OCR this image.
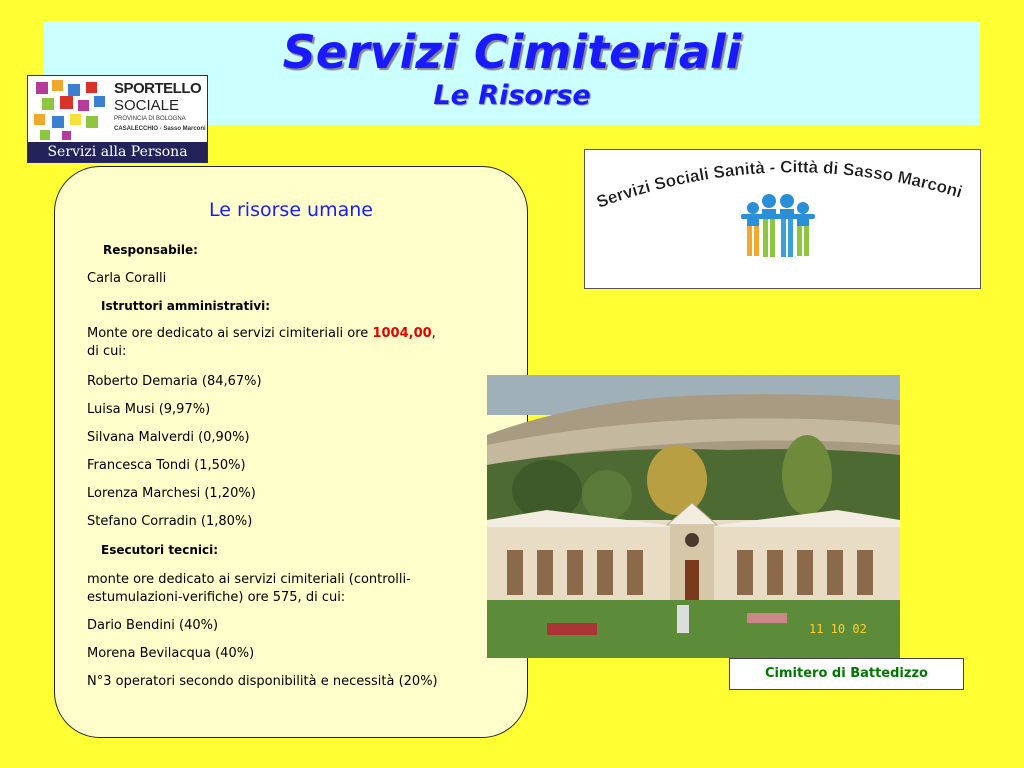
Servizi Cimiteriali
Le Risorse
SPORTELLO
SOCIALE
PROVINCIA DI BOLOGNA
CASALECCHIO - Sasso Marconi
Servizi alla Persona
Le risorse umane
Responsabile:
Carla Coralli
Istruttori amministrativi:
Monte ore dedicato ai servizi cimiteriali ore 1004,00,
di cui:
Roberto Demaria (84,67%)
Luisa Musi (9,97%)
Silvana Malverdi (0,90%)
Francesca Tondi (1,50%)
Lorenza Marchesi (1,20%)
Stefano Corradin (1,80%)
Esecutori tecnici:
monte ore dedicato ai servizi cimiteriali (controlli-
estumulazioni-verifiche) ore 575, di cui:
Dario Bendini (40%)
Morena Bevilacqua (40%)
N°3 operatori secondo disponibilità e necessità (20%)
Servizi Sociali Sanità - Città di Sasso Marconi
11 10 02
Cimitero di Battedizzo
